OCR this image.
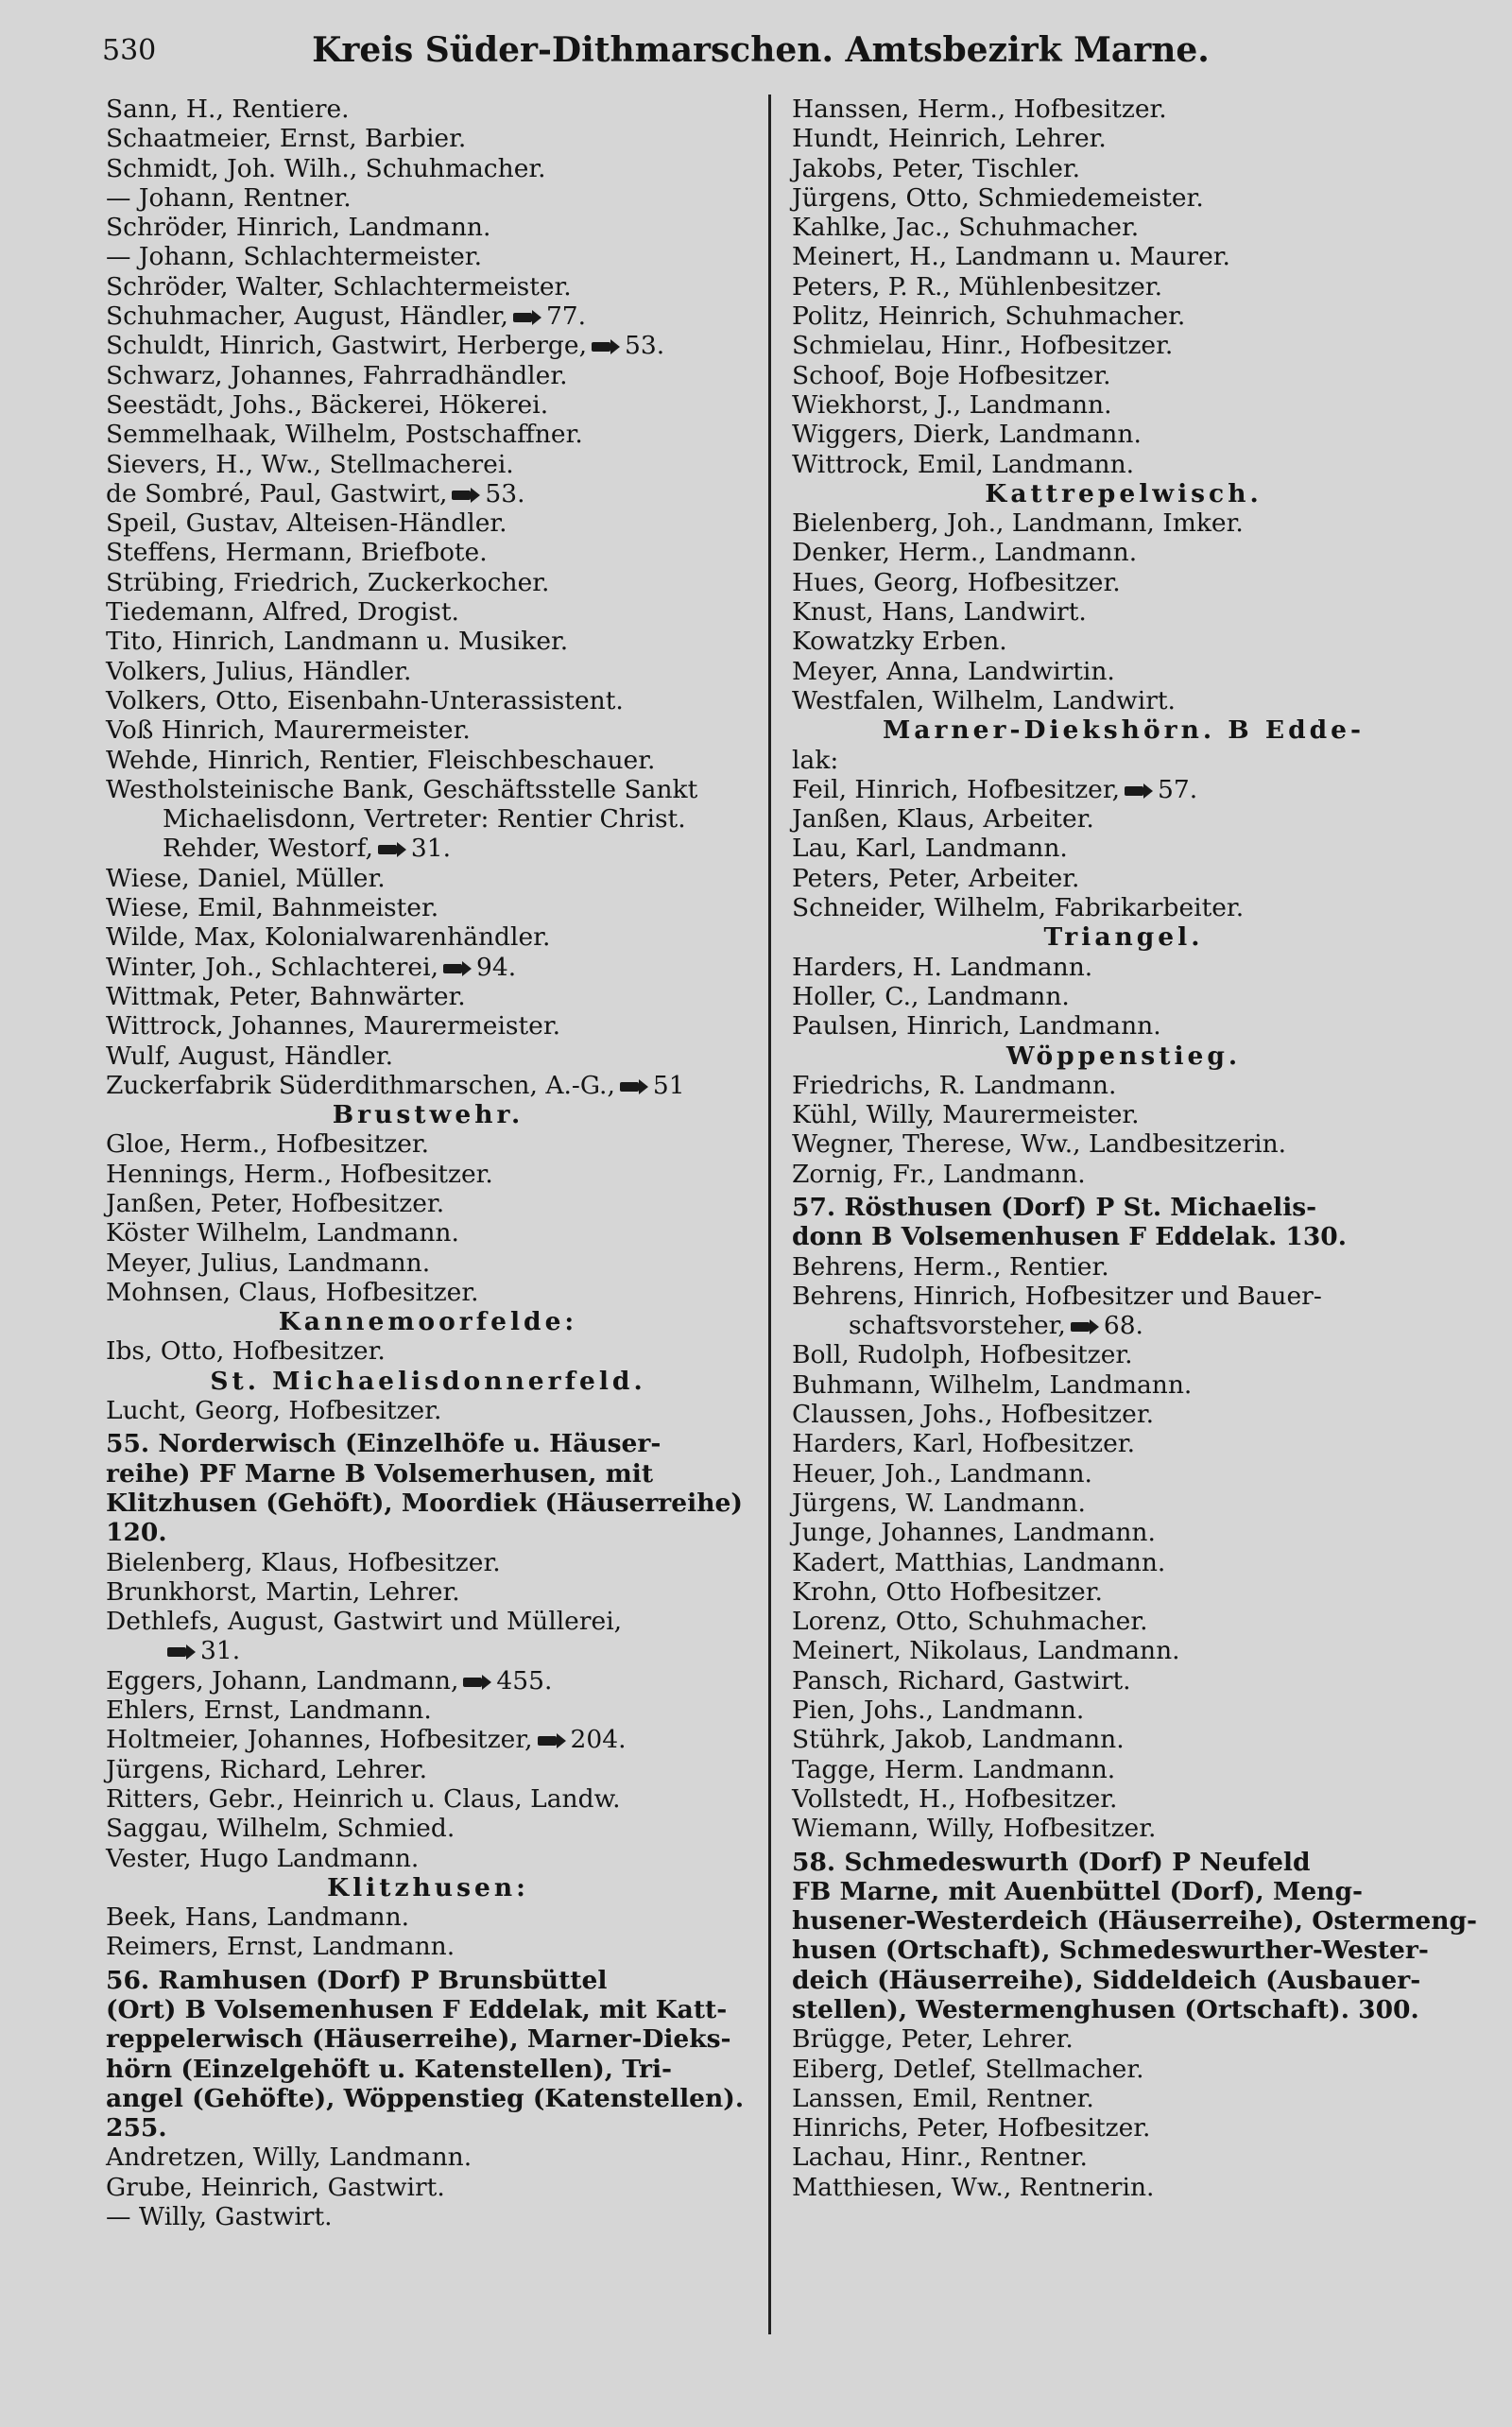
530	Kreis Süder-Dithmarschen. Amtsbezirk Marne.
Sann, H., Rentiere.
Schaatmeier, Ernst, Barbier.
Schmidt, Joh. Wilh., Schuhmacher.
— Johann, Rentner.
Schröder, Hinrich, Landmann.
— Johann, Schlachtermeister.
Schröder, Walter, Schlachtermeister.
Schuhmacher, August, Händler, 77.
Schuldt, Hinrich, Gastwirt, Herberge, 53.
Schwarz, Johannes, Fahrradhändler.
Seestädt, Johs., Bäckerei, Hökerei.
Semmelhaak, Wilhelm, Postschaffner.
Sievers, H., Ww., Stellmacherei.
de Sombré, Paul, Gastwirt, 53.
Speil, Gustav, Alteisen-Händler.
Steffens, Hermann, Briefbote.
Strübing, Friedrich, Zuckerkocher.
Tiedemann, Alfred, Drogist.
Tito, Hinrich, Landmann u. Musiker.
Volkers, Julius, Händler.
Volkers, Otto, Eisenbahn-Unterassistent.
Voß Hinrich, Maurermeister.
Wehde, Hinrich, Rentier, Fleischbeschauer.
Westholsteinische Bank, Geschäftsstelle Sankt
Michaelisdonn, Vertreter: Rentier Christ.
Rehder, Westorf, 31.
Wiese, Daniel, Müller.
Wiese, Emil, Bahnmeister.
Wilde, Max, Kolonialwarenhändler.
Winter, Joh., Schlachterei, 94.
Wittmak, Peter, Bahnwärter.
Wittrock, Johannes, Maurermeister.
Wulf, August, Händler.
Zuckerfabrik Süderdithmarschen, A.-G., 51
Brustwehr.
Gloe, Herm., Hofbesitzer.
Hennings, Herm., Hofbesitzer.
Janßen, Peter, Hofbesitzer.
Köster Wilhelm, Landmann.
Meyer, Julius, Landmann.
Mohnsen, Claus, Hofbesitzer.
Kannemoorfelde:
Ibs, Otto, Hofbesitzer.
St. Michaelisdonnerfeld.
Lucht, Georg, Hofbesitzer.
55. Norderwisch (Einzelhöfe u. Häuser-
reihe) PF Marne B Volsemerhusen, mit
Klitzhusen (Gehöft), Moordiek (Häuserreihe)
120.
Bielenberg, Klaus, Hofbesitzer.
Brunkhorst, Martin, Lehrer.
Dethlefs, August, Gastwirt und Müllerei,
31.
Eggers, Johann, Landmann, 455.
Ehlers, Ernst, Landmann.
Holtmeier, Johannes, Hofbesitzer, 204.
Jürgens, Richard, Lehrer.
Ritters, Gebr., Heinrich u. Claus, Landw.
Saggau, Wilhelm, Schmied.
Vester, Hugo Landmann.
Klitzhusen:
Beek, Hans, Landmann.
Reimers, Ernst, Landmann.
56. Ramhusen (Dorf) P Brunsbüttel
(Ort) B Volsemenhusen F Eddelak, mit Katt-
reppelerwisch (Häuserreihe), Marner-Dieks-
hörn (Einzelgehöft u. Katenstellen), Tri-
angel (Gehöfte), Wöppenstieg (Katenstellen).
255.
Andretzen, Willy, Landmann.
Grube, Heinrich, Gastwirt.
— Willy, Gastwirt.
Hanssen, Herm., Hofbesitzer.
Hundt, Heinrich, Lehrer.
Jakobs, Peter, Tischler.
Jürgens, Otto, Schmiedemeister.
Kahlke, Jac., Schuhmacher.
Meinert, H., Landmann u. Maurer.
Peters, P. R., Mühlenbesitzer.
Politz, Heinrich, Schuhmacher.
Schmielau, Hinr., Hofbesitzer.
Schoof, Boje Hofbesitzer.
Wiekhorst, J., Landmann.
Wiggers, Dierk, Landmann.
Wittrock, Emil, Landmann.
Kattrepelwisch.
Bielenberg, Joh., Landmann, Imker.
Denker, Herm., Landmann.
Hues, Georg, Hofbesitzer.
Knust, Hans, Landwirt.
Kowatzky Erben.
Meyer, Anna, Landwirtin.
Westfalen, Wilhelm, Landwirt.
Marner-Dieksh​örn. B Edde-
lak:
Feil, Hinrich, Hofbesitzer, 57.
Janßen, Klaus, Arbeiter.
Lau, Karl, Landmann.
Peters, Peter, Arbeiter.
Schneider, Wilhelm, Fabrikarbeiter.
Triangel.
Harders, H. Landmann.
Holler, C., Landmann.
Paulsen, Hinrich, Landmann.
Wöppenstieg.
Friedrichs, R. Landmann.
Kühl, Willy, Maurermeister.
Wegner, Therese, Ww., Landbesitzerin.
Zornig, Fr., Landmann.
57. Rösthusen (Dorf) P St. Michaelis-
donn B Volsemenhusen F Eddelak. 130.
Behrens, Herm., Rentier.
Behrens, Hinrich, Hofbesitzer und Bauer-
schaftsvorsteher, 68.
Boll, Rudolph, Hofbesitzer.
Buhmann, Wilhelm, Landmann.
Claussen, Johs., Hofbesitzer.
Harders, Karl, Hofbesitzer.
Heuer, Joh., Landmann.
Jürgens, W. Landmann.
Junge, Johannes, Landmann.
Kadert, Matthias, Landmann.
Krohn, Otto Hofbesitzer.
Lorenz, Otto, Schuhmacher.
Meinert, Nikolaus, Landmann.
Pansch, Richard, Gastwirt.
Pien, Johs., Landmann.
Stührk, Jakob, Landmann.
Tagge, Herm. Landmann.
Vollstedt, H., Hofbesitzer.
Wiemann, Willy, Hofbesitzer.
58. Schmedeswurth (Dorf) P Neufeld
FB Marne, mit Auenbüttel (Dorf), Meng-
husener-Westerdeich (Häuserreihe), Ostermeng-
husen (Ortschaft), Schmedeswurther-Wester-
deich (Häuserreihe), Siddeldeich (Ausbauer-
stellen), Westermenghusen (Ortschaft). 300.
Brügge, Peter, Lehrer.
Eiberg, Detlef, Stellmacher.
Lanssen, Emil, Rentner.
Hinrichs, Peter, Hofbesitzer.
Lachau, Hinr., Rentner.
Matthiesen, Ww., Rentnerin.
